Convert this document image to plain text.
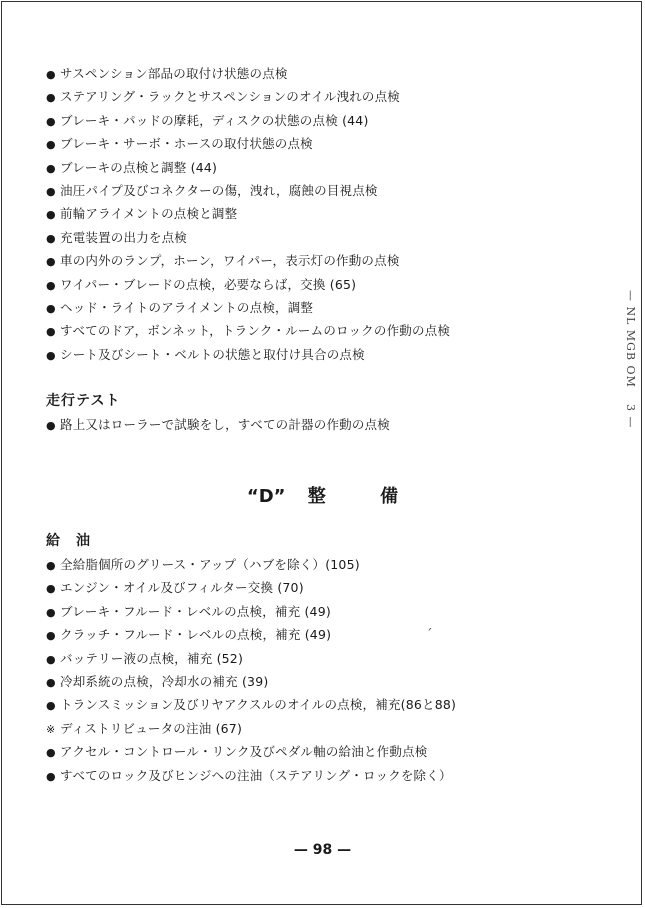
● サスペンション部品の取付け状態の点検
● ステアリング・ラックとサスペンションのオイル洩れの点検
● ブレーキ・パッドの摩耗，ディスクの状態の点検 (44)
● ブレーキ・サーボ・ホースの取付状態の点検
● ブレーキの点検と調整 (44)
● 油圧パイプ及びコネクターの傷，洩れ，腐蝕の目視点検
● 前輪アライメントの点検と調整
● 充電装置の出力を点検
● 車の内外のランプ，ホーン，ワイパー，表示灯の作動の点検
● ワイパー・ブレードの点検，必要ならば，交換 (65)
● ヘッド・ライトのアライメントの点検，調整
● すべてのドア，ボンネット，トランク・ルームのロックの作動の点検
● シート及びシート・ベルトの状態と取付け具合の点検
走行テスト
● 路上又はローラーで試験をし，すべての計器の作動の点検
“D” 整	備
給　油
● 全給脂個所のグリース・アップ（ハブを除く）(105)
● エンジン・オイル及びフィルター交換 (70)
● ブレーキ・フルード・レベルの点検，補充 (49)
● クラッチ・フルード・レベルの点検，補充 (49)
● バッテリー液の点検，補充 (52)
● 冷却系統の点検，冷却水の補充 (39)
● トランスミッション及びリヤアクスルのオイルの点検，補充(86と88)
※ ディストリビュータの注油 (67)
● アクセル・コントロール・リンク及びペダル軸の給油と作動点検
● すべてのロック及びヒンジへの注油（ステアリング・ロックを除く）
ˊ
— 98 —
— NL MGB OM 3 —
